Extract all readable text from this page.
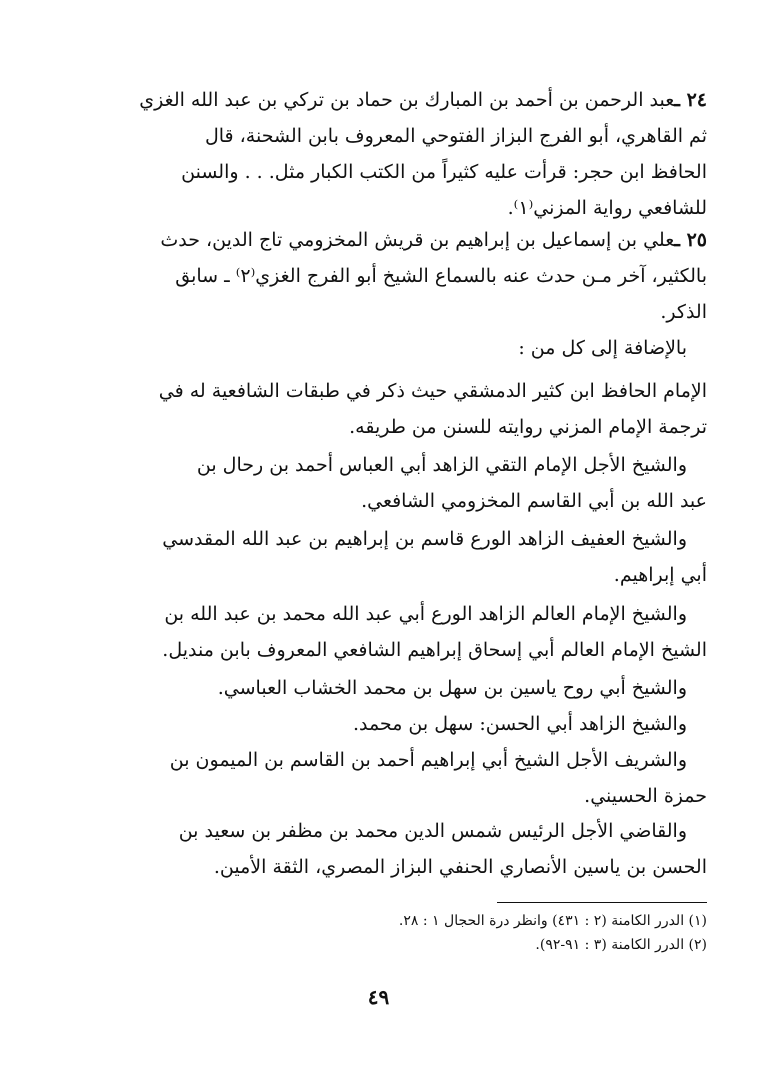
٢٤ ـعبد الرحمن بن أحمد بن المبارك بن حماد بن تركي بن عبد الله الغزي
ثم القاهري، أبو الفرج البزاز الفتوحي المعروف بابن الشحنة، قال
الحافظ ابن حجر: قرأت عليه كثيراً من الكتب الكبار مثل. . . والسنن
للشافعي رواية المزني⁽١⁾.
٢٥ ـعلي بن إسماعيل بن إبراهيم بن قريش المخزومي تاج الدين، حدث
بالكثير، آخر مـن حدث عنه بالسماع الشيخ أبو الفرج الغزي⁽٢⁾ ـ سابق
الذكر.
بالإضافة إلى كل من :
الإمام الحافظ ابن كثير الدمشقي حيث ذكر في طبقات الشافعية له في
ترجمة الإمام المزني روايته للسنن من طريقه.
والشيخ الأجل الإمام التقي الزاهد أبي العباس أحمد بن رحال بن
عبد الله بن أبي القاسم المخزومي الشافعي.
والشيخ العفيف الزاهد الورع قاسم بن إبراهيم بن عبد الله المقدسي
أبي إبراهيم.
والشيخ الإمام العالم الزاهد الورع أبي عبد الله محمد بن عبد الله بن
الشيخ الإمام العالم أبي إسحاق إبراهيم الشافعي المعروف بابن منديل.
والشيخ أبي روح ياسين بن سهل بن محمد الخشاب العباسي.
والشيخ الزاهد أبي الحسن: سهل بن محمد.
والشريف الأجل الشيخ أبي إبراهيم أحمد بن القاسم بن الميمون بن
حمزة الحسيني.
والقاضي الأجل الرئيس شمس الدين محمد بن مظفر بن سعيد بن
الحسن بن ياسين الأنصاري الحنفي البزاز المصري، الثقة الأمين.
(١) الدرر الكامنة (٢ : ٤٣١) وانظر درة الحجال ١ : ٢٨.
(٢) الدرر الكامنة (٣ : ٩١-٩٢).
٤٩
